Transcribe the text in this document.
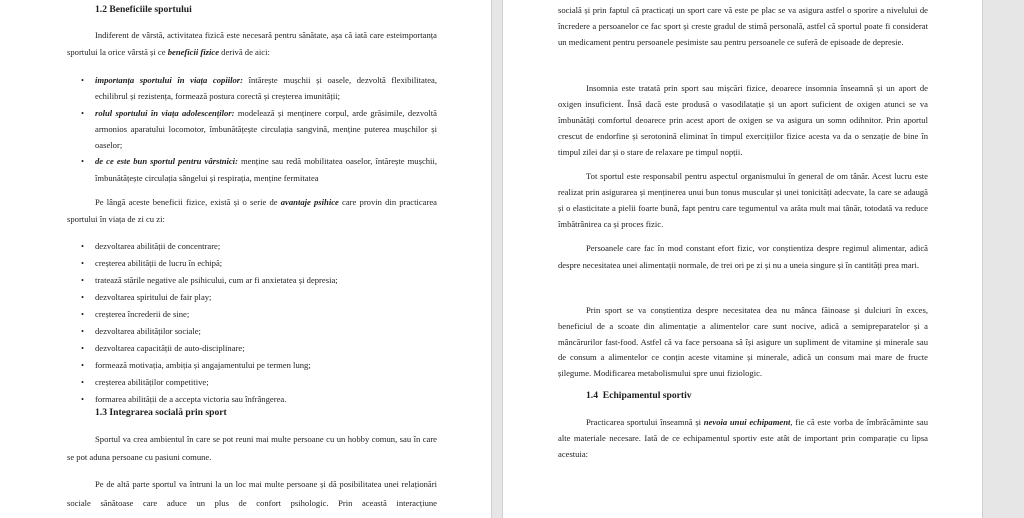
1.2 Beneficiile sportului

Indiferent de vârstă, activitatea fizică este necesară pentru sănătate, așa că iată care esteimportanța sportului la orice vârstă și ce beneficii fizice derivă de aici:

• importanța sportului în viața copiilor: întărește mușchii și oasele, dezvoltă flexibilitatea, echilibrul și rezistența, formează postura corectă și creșterea imunității;
• rolul sportului în viața adolescenților: modelează și menținere corpul, arde grăsimile, dezvoltă armonios aparatului locomotor, îmbunătățește circulația sangvină, menține puterea mușchilor și oaselor;
• de ce este bun sportul pentru vârstnici: menține sau redă mobilitatea oaselor, întărește mușchii, îmbunătățește circulația sângelui și respirația, menține fermitatea

Pe lângă aceste beneficii fizice, există și o serie de avantaje psihice care provin din practicarea sportului în viața de zi cu zi:

• dezvoltarea abilității de concentrare;
• creșterea abilității de lucru în echipă;
• tratează stările negative ale psihicului, cum ar fi anxietatea și depresia;
• dezvoltarea spiritului de fair play;
• creșterea încrederii de sine;
• dezvoltarea abilităților sociale;
• dezvoltarea capacității de auto-disciplinare;
• formează motivația, ambiția și angajamentului pe termen lung;
• creșterea abilităților competitive;
• formarea abilității de a accepta victoria sau înfrângerea.
1.3 Integrarea socială prin sport

Sportul va crea ambientul în care se pot reuni mai multe persoane cu un hobby comun, sau în care se pot aduna persoane cu pasiuni comune.

Pe de altă parte sportul va întruni la un loc mai multe persoane și dă posibilitatea unei relaționări sociale sănătoase care aduce un plus de confort psihologic. Prin această interacțiune

socială și prin faptul că practicați un sport care vă este pe plac se va asigura astfel o sporire a nivelului de încredere a persoanelor ce fac sport și creste gradul de stimă personală, astfel că sportul poate fi considerat un medicament pentru persoanele pesimiste sau pentru persoanele ce suferă de episoade de depresie.

Insomnia este tratată prin sport sau mișcări fizice, deoarece insomnia înseamnă și un aport de oxigen insuficient. Însă dacă este produsă o vasodilatație și un aport suficient de oxigen atunci se va îmbunătăți comfortul deoarece prin acest aport de oxigen se va asigura un somn odihnitor. Prin aportul crescut de endorfine și serotonină eliminat în timpul exercițiilor fizice acesta va da o senzație de bine în timpul zilei dar și o stare de relaxare pe timpul nopții.

Tot sportul este responsabil pentru aspectul organismului în general de om tânăr. Acest lucru este realizat prin asigurarea și menținerea unui bun tonus muscular și unei tonicități adecvate, la care se adaugă și o elasticitate a pielii foarte bună, fapt pentru care tegumentul va arăta mult mai tânăr, totodată va reduce îmbătrânirea ca și proces fizic.

Persoanele care fac în mod constant efort fizic, vor conștientiza despre regimul alimentar, adică despre necesitatea unei alimentații normale, de trei ori pe zi și nu a uneia singure și în cantități prea mari.

Prin sport se va conștientiza despre necesitatea dea nu mânca făinoase și dulciuri în exces, beneficiul de a scoate din alimentație a alimentelor care sunt nocive, adică a semipreparatelor și a mâncărurilor fast-food. Astfel că va face persoana să își asigure un supliment de vitamine și minerale sau de consum a alimentelor ce conțin aceste vitamine și minerale, adică un consum mai mare de fructe șilegume. Modificarea metabolismului spre unui fiziologic.

1.4  Echipamentul sportiv

Practicarea sportului înseamnă și nevoia unui echipament, fie că este vorba de îmbrăcăminte sau alte materiale necesare. Iată de ce echipamentul sportiv este atât de important prin comparație cu lipsa acestuia:
